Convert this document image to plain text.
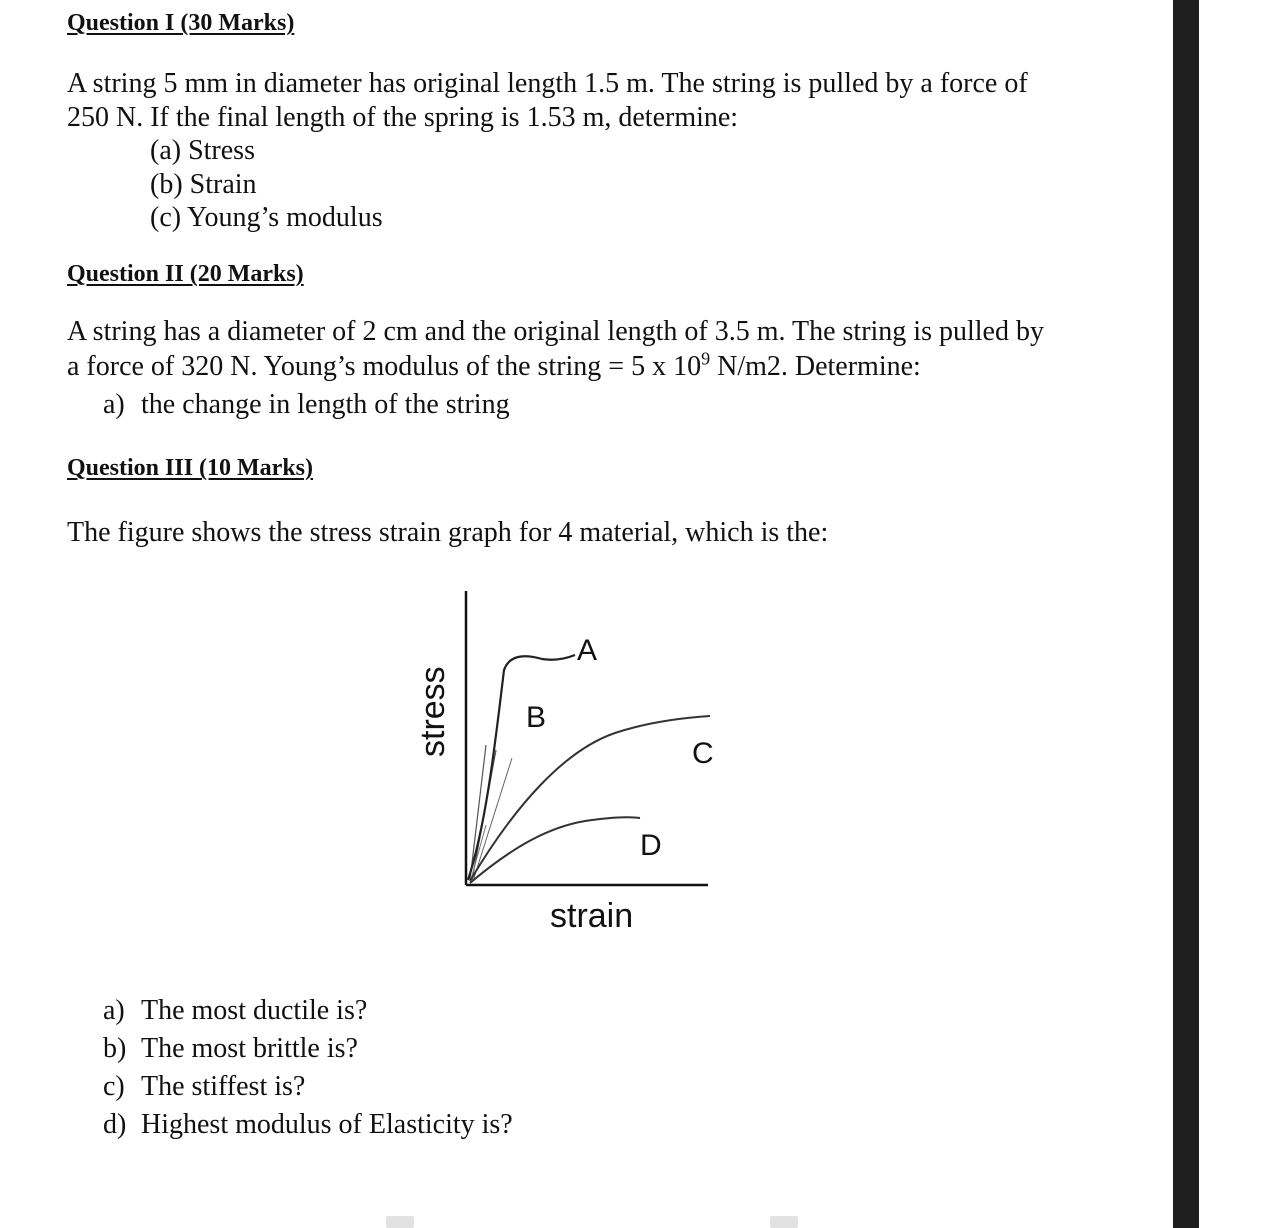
Question I (30 Marks)
A string 5 mm in diameter has original length 1.5 m. The string is pulled by a force of
250 N. If the final length of the spring is 1.53 m, determine:
(a) Stress
(b) Strain
(c) Young’s modulus
Question II (20 Marks)
A string has a diameter of 2 cm and the original length of 3.5 m. The string is pulled by
a force of 320 N. Young’s modulus of the string = 5 x $10^9$ N/m2. Determine:
a) the change in length of the string
Question III (10 Marks)
The figure shows the stress strain graph for 4 material, which is the:
A
B
C
D
stress
strain
a) The most ductile is?
b) The most brittle is?
c) The stiffest is?
d) Highest modulus of Elasticity is?
